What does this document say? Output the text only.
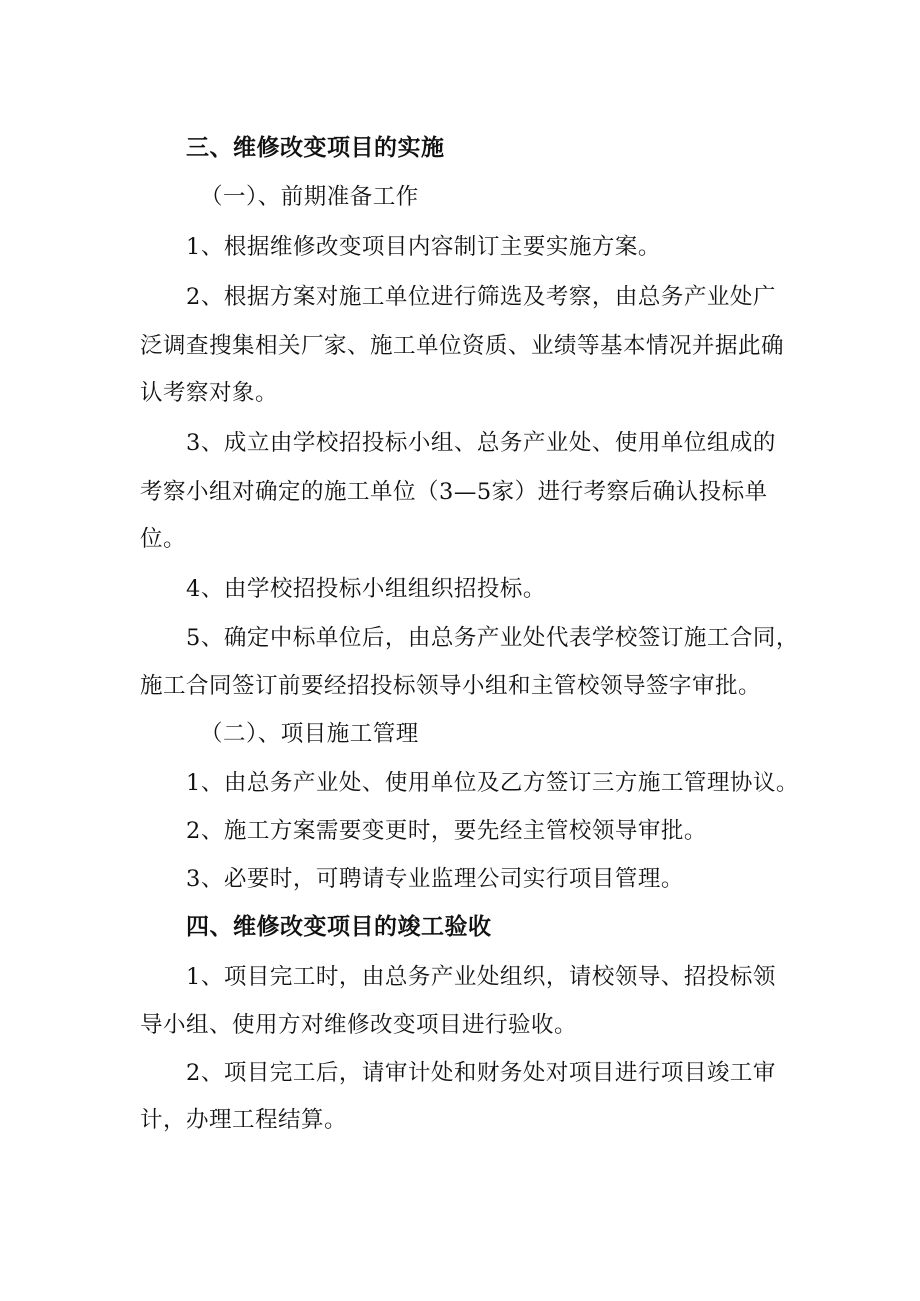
三、维修改变项目的实施
（一）、前期准备工作
1、根据维修改变项目内容制订主要实施方案。
2、根据方案对施工单位进行筛选及考察，由总务产业处广
泛调查搜集相关厂家、施工单位资质、业绩等基本情况并据此确
认考察对象。
3、成立由学校招投标小组、总务产业处、使用单位组成的
考察小组对确定的施工单位（3—5家）进行考察后确认投标单
位。
4、由学校招投标小组组织招投标。
5、确定中标单位后，由总务产业处代表学校签订施工合同，
施工合同签订前要经招投标领导小组和主管校领导签字审批。
（二）、项目施工管理
1、由总务产业处、使用单位及乙方签订三方施工管理协议。
2、施工方案需要变更时，要先经主管校领导审批。
3、必要时，可聘请专业监理公司实行项目管理。
四、维修改变项目的竣工验收
1、项目完工时，由总务产业处组织，请校领导、招投标领
导小组、使用方对维修改变项目进行验收。
2、项目完工后，请审计处和财务处对项目进行项目竣工审
计，办理工程结算。
